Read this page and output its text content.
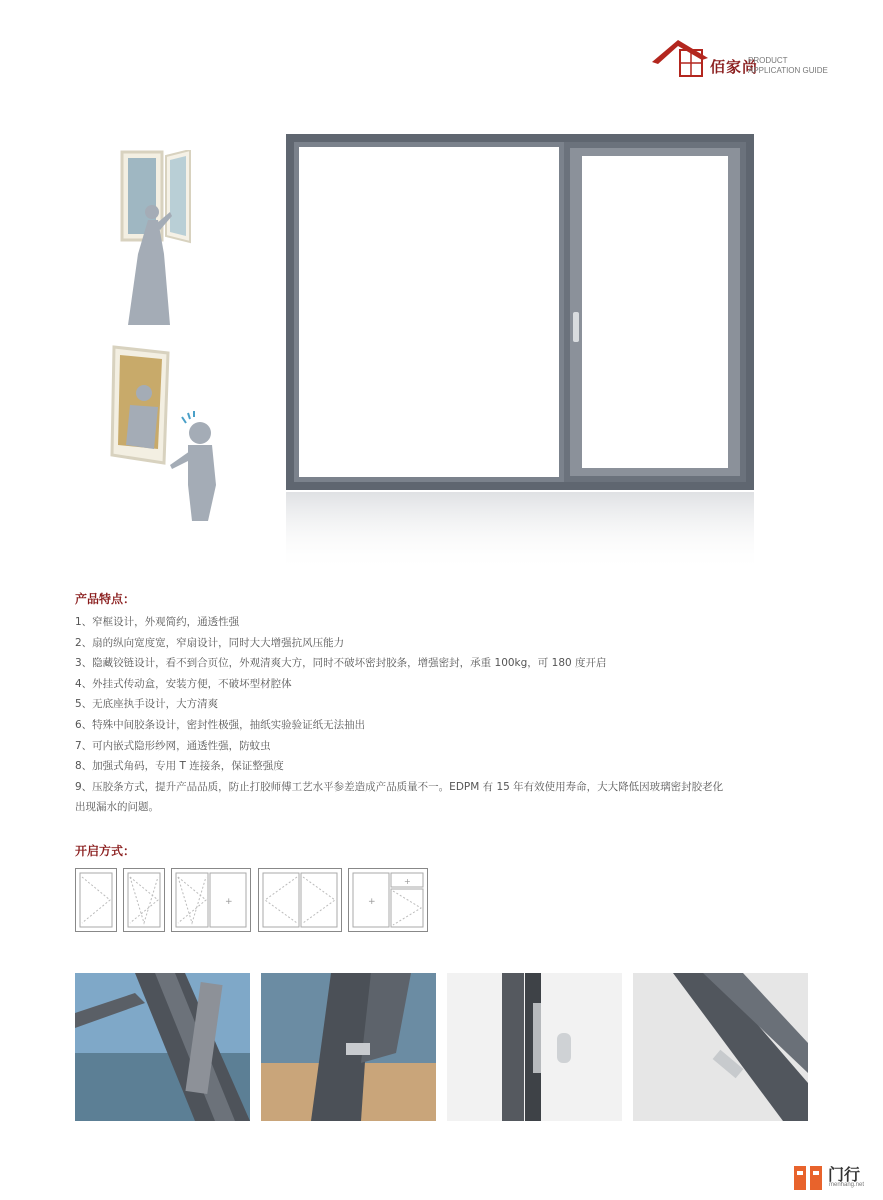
佰家尚
PRODUCT
APPLICATION GUIDE
产品特点：
1、窄框设计，外观简约，通透性强
2、扇的纵向宽度宽，窄扇设计，同时大大增强抗风压能力
3、隐藏铰链设计，看不到合页位，外观清爽大方，同时不破坏密封胶条，增强密封，承重 100kg，可 180 度开启
4、外挂式传动盒，安装方便，不破坏型材腔体
5、无底座执手设计，大方清爽
6、特殊中间胶条设计，密封性极强，抽纸实验验证纸无法抽出
7、可内嵌式隐形纱网，通透性强，防蚊虫
8、加强式角码，专用 T 连接条，保证整强度
9、压胶条方式，提升产品品质，防止打胶师傅工艺水平参差造成产品质量不一。EDPM 有 15 年有效使用寿命，大大降低因玻璃密封胶老化
出现漏水的问题。
开启方式：
+	+
+
门行
menhang.net
